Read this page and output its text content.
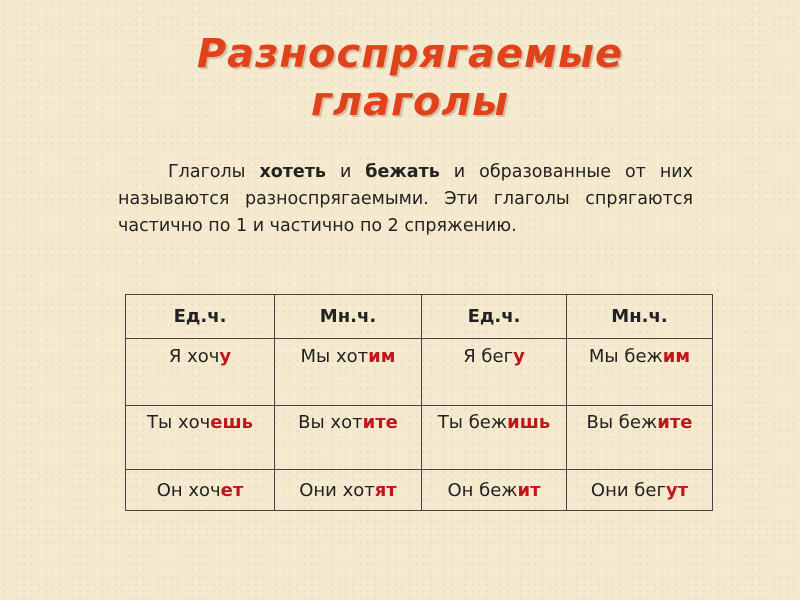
Разноспрягаемые
глаголы
Глаголы хотеть и бежать и образованные от них называются разноспрягаемыми. Эти глаголы спрягаются частично по 1 и частично по 2 спряжению.
Ед.ч.	Мн.ч.	Ед.ч.	Мн.ч.
Я хочу	Мы хотим	Я бегу	Мы бежим
Ты хочешь	Вы хотите	Ты бежишь	Вы бежите
Он хочет	Они хотят	Он бежит	Они бегут
